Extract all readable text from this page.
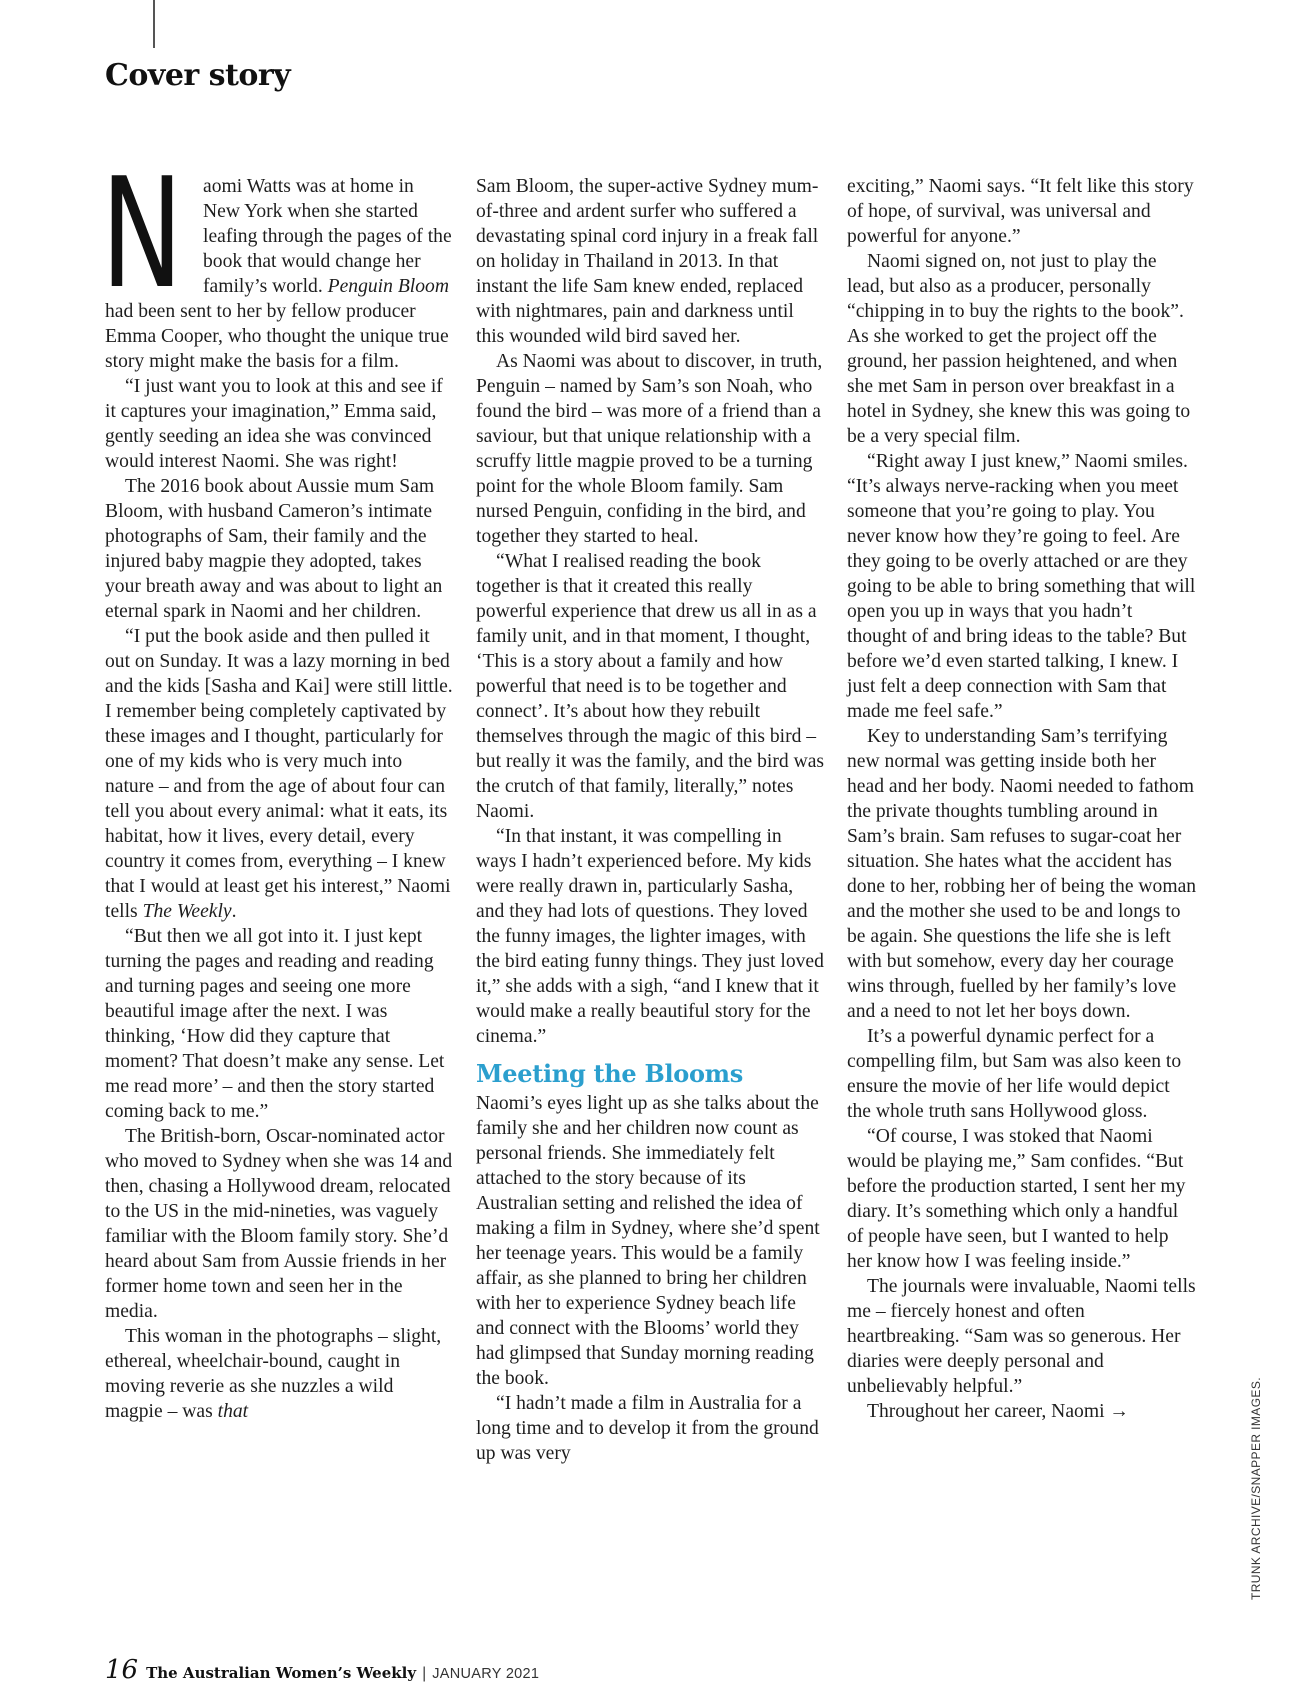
Cover story
N	aomi Watts was at home in New York when she started leafing through the pages of the book that would change her family’s world. Penguin Bloom had been sent to her by fellow producer Emma Cooper, who thought the unique true story might make the basis for a film.

“I just want you to look at this and see if it captures your imagination,” Emma said, gently seeding an idea she was convinced would interest Naomi. She was right!

The 2016 book about Aussie mum Sam Bloom, with husband Cameron’s intimate photographs of Sam, their family and the injured baby magpie they adopted, takes your breath away and was about to light an eternal spark in Naomi and her children.

“I put the book aside and then pulled it out on Sunday. It was a lazy morning in bed and the kids [Sasha and Kai] were still little. I remember being completely captivated by these images and I thought, particularly for one of my kids who is very much into nature – and from the age of about four can tell you about every animal: what it eats, its habitat, how it lives, every detail, every country it comes from, everything – I knew that I would at least get his interest,” Naomi tells The Weekly.

“But then we all got into it. I just kept turning the pages and reading and reading and turning pages and seeing one more beautiful image after the next. I was thinking, ‘How did they capture that moment? That doesn’t make any sense. Let me read more’ – and then the story started coming back to me.”

The British-born, Oscar-nominated actor who moved to Sydney when she was 14 and then, chasing a Hollywood dream, relocated to the US in the mid-nineties, was vaguely familiar with the Bloom family story. She’d heard about Sam from Aussie friends in her former home town and seen her in the media.

This woman in the photographs – slight, ethereal, wheelchair-bound, caught in moving reverie as she nuzzles a wild magpie – was that

Sam Bloom, the super-active Sydney mum-of-three and ardent surfer who suffered a devastating spinal cord injury in a freak fall on holiday in Thailand in 2013. In that instant the life Sam knew ended, replaced with nightmares, pain and darkness until this wounded wild bird saved her.

As Naomi was about to discover, in truth, Penguin – named by Sam’s son Noah, who found the bird – was more of a friend than a saviour, but that unique relationship with a scruffy little magpie proved to be a turning point for the whole Bloom family. Sam nursed Penguin, confiding in the bird, and together they started to heal.

“What I realised reading the book together is that it created this really powerful experience that drew us all in as a family unit, and in that moment, I thought, ‘This is a story about a family and how powerful that need is to be together and connect’. It’s about how they rebuilt themselves through the magic of this bird – but really it was the family, and the bird was the crutch of that family, literally,” notes Naomi.

“In that instant, it was compelling in ways I hadn’t experienced before. My kids were really drawn in, particularly Sasha, and they had lots of questions. They loved the funny images, the lighter images, with the bird eating funny things. They just loved it,” she adds with a sigh, “and I knew that it would make a really beautiful story for the cinema.”

Meeting the Blooms

Naomi’s eyes light up as she talks about the family she and her children now count as personal friends. She immediately felt attached to the story because of its Australian setting and relished the idea of making a film in Sydney, where she’d spent her teenage years. This would be a family affair, as she planned to bring her children with her to experience Sydney beach life and connect with the Blooms’ world they had glimpsed that Sunday morning reading the book.

“I hadn’t made a film in Australia for a long time and to develop it from the ground up was very

exciting,” Naomi says. “It felt like this story of hope, of survival, was universal and powerful for anyone.”

Naomi signed on, not just to play the lead, but also as a producer, personally “chipping in to buy the rights to the book”. As she worked to get the project off the ground, her passion heightened, and when she met Sam in person over breakfast in a hotel in Sydney, she knew this was going to be a very special film.

“Right away I just knew,” Naomi smiles. “It’s always nerve-racking when you meet someone that you’re going to play. You never know how they’re going to feel. Are they going to be overly attached or are they going to be able to bring something that will open you up in ways that you hadn’t thought of and bring ideas to the table? But before we’d even started talking, I knew. I just felt a deep connection with Sam that made me feel safe.”

Key to understanding Sam’s terrifying new normal was getting inside both her head and her body. Naomi needed to fathom the private thoughts tumbling around in Sam’s brain. Sam refuses to sugar-coat her situation. She hates what the accident has done to her, robbing her of being the woman and the mother she used to be and longs to be again. She questions the life she is left with but somehow, every day her courage wins through, fuelled by her family’s love and a need to not let her boys down.

It’s a powerful dynamic perfect for a compelling film, but Sam was also keen to ensure the movie of her life would depict the whole truth sans Hollywood gloss.

“Of course, I was stoked that Naomi would be playing me,” Sam confides. “But before the production started, I sent her my diary. It’s something which only a handful of people have seen, but I wanted to help her know how I was feeling inside.”

The journals were invaluable, Naomi tells me – fiercely honest and often heartbreaking. “Sam was so generous. Her diaries were deeply personal and unbelievably helpful.”

Throughout her career, Naomi →	TRUNK ARCHIVE/SNAPPER IMAGES.
16 The Australian Women’s Weekly | JANUARY 2021
